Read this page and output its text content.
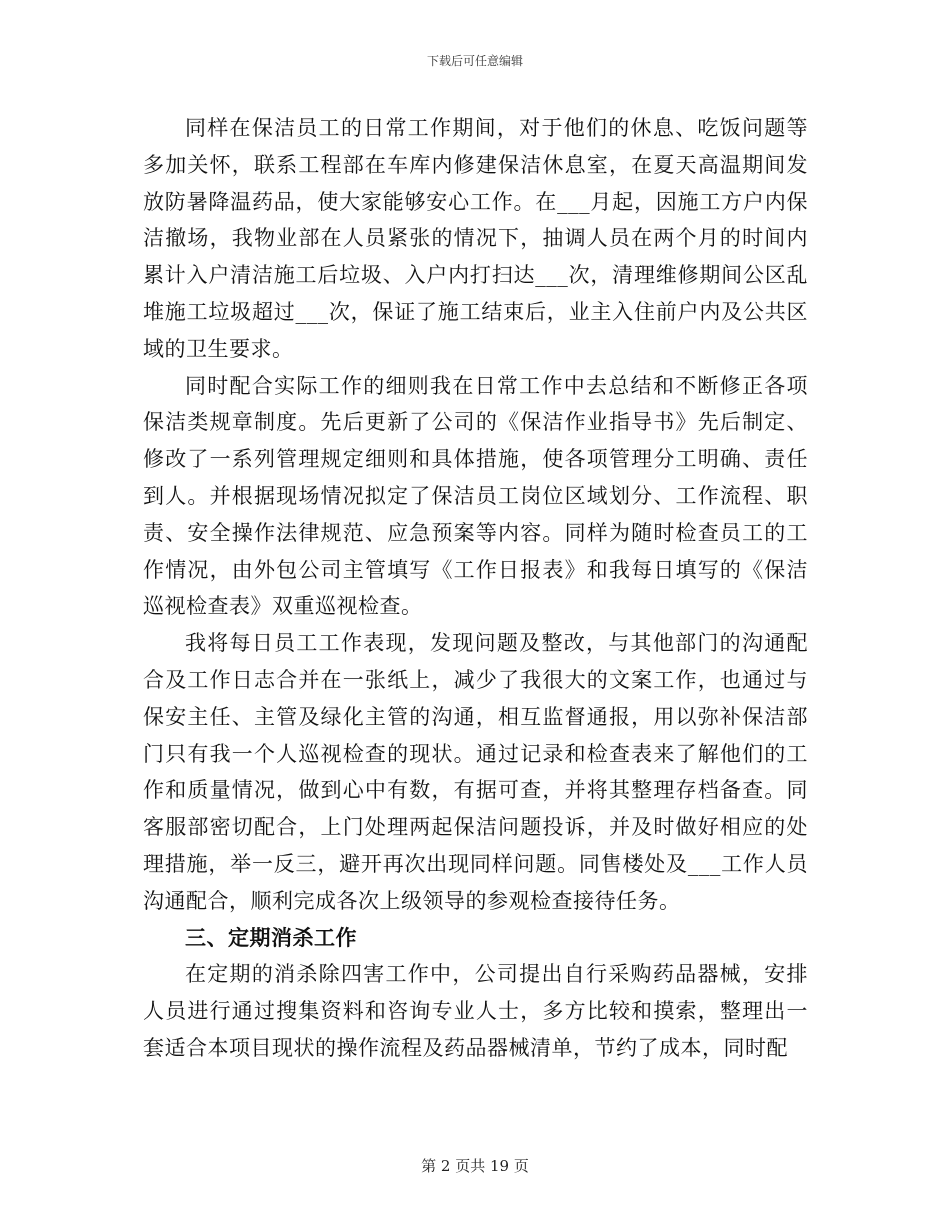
下载后可任意编辑

同样在保洁员工的日常工作期间，对于他们的休息、吃饭问题等多加关怀，联系工程部在车库内修建保洁休息室，在夏天高温期间发放防暑降温药品，使大家能够安心工作。在___月起，因施工方户内保洁撤场，我物业部在人员紧张的情况下，抽调人员在两个月的时间内累计入户清洁施工后垃圾、入户内打扫达___次，清理维修期间公区乱堆施工垃圾超过___次，保证了施工结束后，业主入住前户内及公共区域的卫生要求。

同时配合实际工作的细则我在日常工作中去总结和不断修正各项保洁类规章制度。先后更新了公司的《保洁作业指导书》先后制定、修改了一系列管理规定细则和具体措施，使各项管理分工明确、责任到人。并根据现场情况拟定了保洁员工岗位区域划分、工作流程、职责、安全操作法律规范、应急预案等内容。同样为随时检查员工的工作情况，由外包公司主管填写《工作日报表》和我每日填写的《保洁巡视检查表》双重巡视检查。

我将每日员工工作表现，发现问题及整改，与其他部门的沟通配合及工作日志合并在一张纸上，减少了我很大的文案工作，也通过与保安主任、主管及绿化主管的沟通，相互监督通报，用以弥补保洁部门只有我一个人巡视检查的现状。通过记录和检查表来了解他们的工作和质量情况，做到心中有数，有据可查，并将其整理存档备查。同客服部密切配合，上门处理两起保洁问题投诉，并及时做好相应的处理措施，举一反三，避开再次出现同样问题。同售楼处及___工作人员沟通配合，顺利完成各次上级领导的参观检查接待任务。

三、定期消杀工作

在定期的消杀除四害工作中，公司提出自行采购药品器械，安排人员进行通过搜集资料和咨询专业人士，多方比较和摸索，整理出一套适合本项目现状的操作流程及药品器械清单，节约了成本，同时配

第 2 页共 19 页
